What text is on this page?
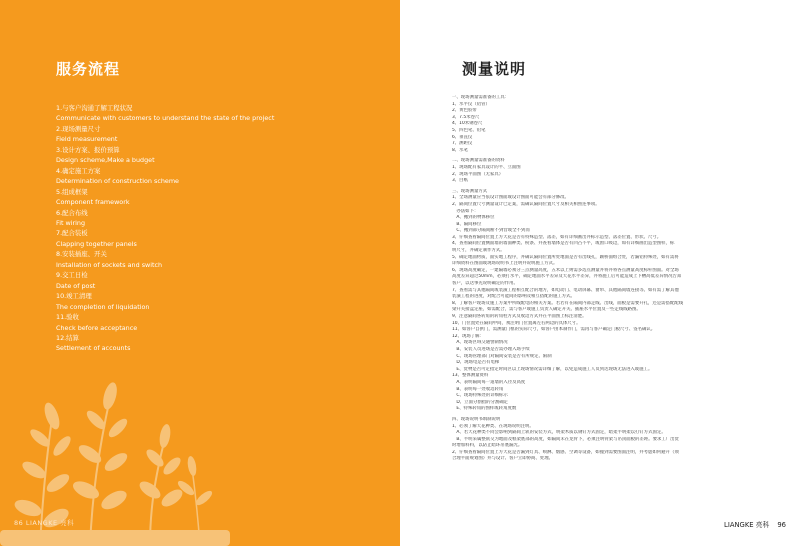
服务流程
1.与客户沟通了解工程状况
Communicate with customers to understand the state of the project
2.现场测量尺寸
Field measurement
3.设计方案、报价预算
Design scheme,Make a budget
4.确定施工方案
Determination of construction scheme
5.组成框架
Component framework
6.配合布线
Fit wiring
7.配合装板
Clapping together panels
8.安装插座、开关
Installation of sockets and switch
9.交工日检
Date of post
10.竣工清理
The completion of liquidation
11.验收
Check before acceptance
12.结算
Settlement of accounts
86 LIANGKE 亮科
测量说明
一、现场测量需准备的工具：
1、水平仪（铝管）
2、黄色胶带
3、7.5米卷尺
4、10米钢卷尺
5、四色笔、铅笔
6、垂直仪
7、测距仪
8、水笔
二、现场测量需准备的资料
1、现场配有家具设计的平、立面图
2、现场平面图（无家具）
3、白纸
三、现场测量方式
1、全场测量应当依设计图面或设计图面可能会有部分修改。
2、隔间位置尺寸测量设计已定案，需确认隔间位置尺寸及相关相照连事项。
　办法如下：
　A、攫到的物体移位
　B、隔间移位
　C、攫到部分隔间断不到营或全不到而
3、仔细查看隔间位置上方天花是否有特殊造型、落差，如有详细画出并标示造型、落差位置、形状、尺寸。
4、查看隔间位置侧面墙的墙面种类、粉条、并查看墙体是否有凹凸不平，或窗口吸边，如有详细画出造型图样，标
明尺寸，并确定制作方式。
5、确定地面材质，面实地工程序，并确认隔间位置所处地面是否有出线孔，踢桥面组合处，若漏铝特殊处，如有需将
详细资料在图面或现场说明书上注明并说明施工方式。
6、现场高度确定，一建隔墙必须分三点测量高度，五米以上则需多选点测量并将并将各点测量高度标杆图面。对全场
高度差异超过50mm，必须打水平，确定地面水平差异及天花水平差异，并将施工后可能造成上下槽高低差异情况告知
客户，以达事先说明确定的作用。
7、查看需与其他隔间或装潢工程相互配合的地方，如电动门、电动屏幕、窗帘、其他隔间墙连接等。如有需了解其他
装潢工程的进度，对配合可能间的影响及相互搭配的施工方式。
8、了解客户现场及施工方案中所线配电的相关方案。若若有在隔间内部走线、出线，面板是需要开孔，还是需搭配配线
梁开关接盒定座，如需配合，需与客户或施工负责人确定开关、插座水平位置及一些走线线路图。
9、注意隔间各转角的转角柱方式及收边方式并在平面图上标注清楚。
10、门位置处在隔间中间，须注明门位置离左右两边的具体尺寸。
11、如客户自供门，需测量门框的实际尺寸，如客户由本制作门，需再与客户确定门板尺寸、签名确认。
12、现场了解：
　A、现场区域交通警制情况
　B、安装人员进场是否需办理入场手续
　C、现场管理部门对隔间安装是否有所规定、限制
　D、现场电是否有电梯
　E、货物是否可定指定时间区以上现场情况需详细了解，以免造成施工人员到达现场无法进入或施工。
13、整体测量资料
　A、表明隔间每一道墙的入径及高度
　B、表明每一处收边转角
　C、现场特殊处的详细标示
　D、立面分割指的分割确定
　E、特殊转角的图样或转角度数
四、现场说明书填制说明
1、必须了解天花种类、在现场说明注明。
　A、若天花种类不同会影响到隔间上轨的安装方式，明架木质以钢钉方式固定，暗架半明架以打钉方式固定。
　B、半明采属整嵌交为地面及框架底部的高度，如隔间未在龙骨下，必须注明骨架与吊顶面板的差距。要求工厂出货
时增加料料，以防止暗环吊底漏光。
2、仔细查看隔间位置上方天花是否漏到灯具、喷淋、烟感、空调等设备，如撞到需要图面注明，并考虑如何避开（须
合理平面规划图）并与设计、客户立即协商、处理。
LIANGKE 亮科 96
